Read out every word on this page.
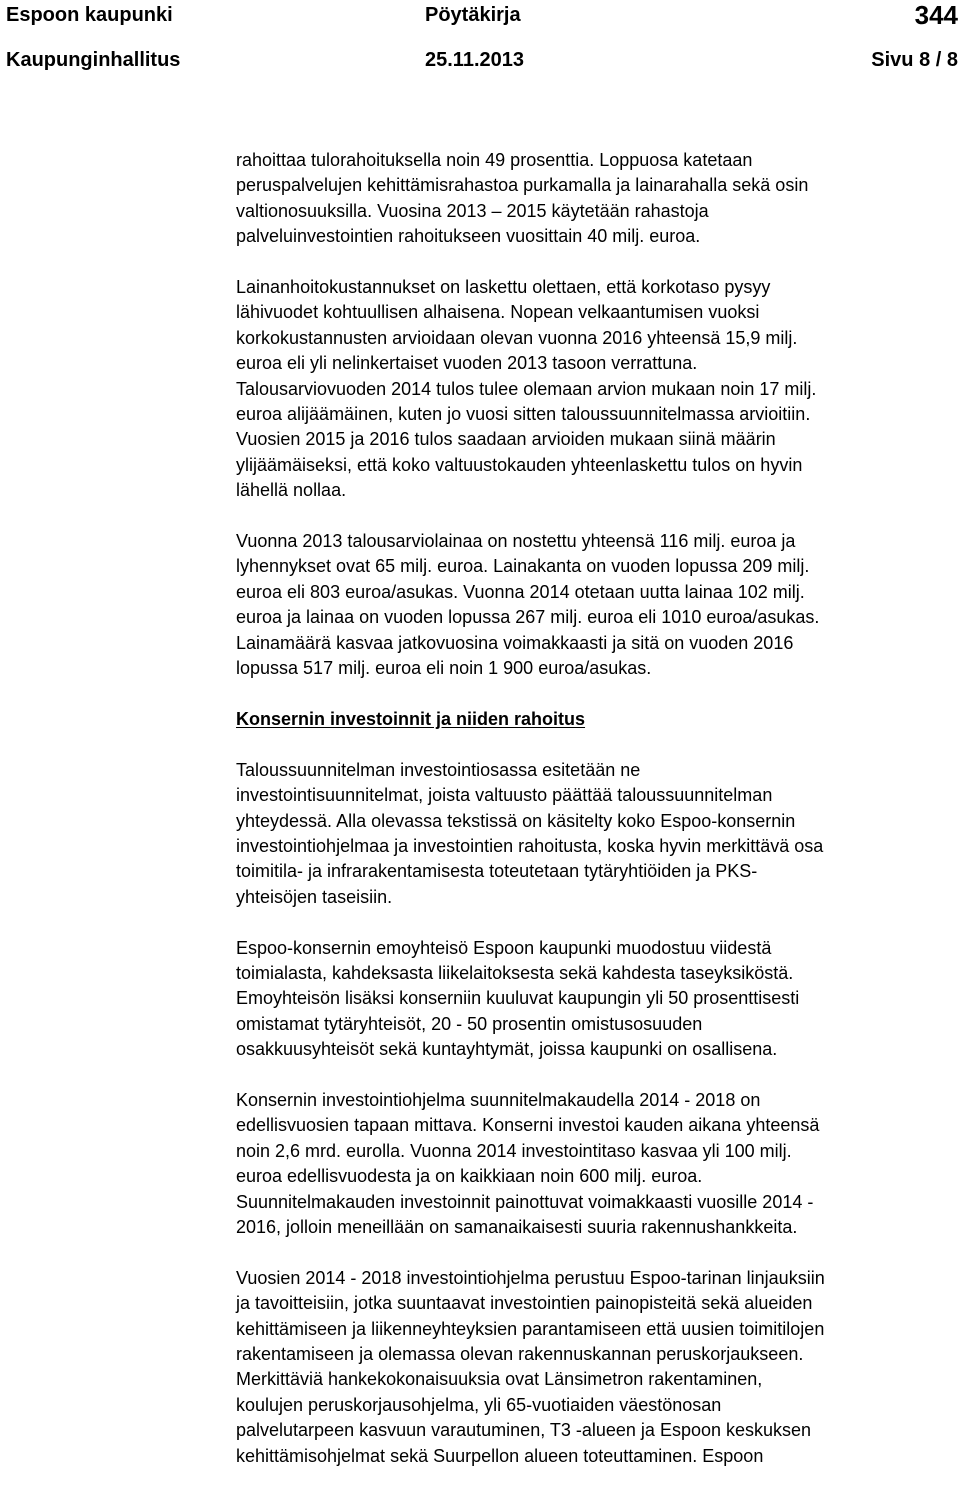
Espoon kaupunki	Pöytäkirja	344
Kaupunginhallitus	25.11.2013	Sivu 8 / 8

rahoittaa tulorahoituksella noin 49 prosenttia. Loppuosa katetaan
peruspalvelujen kehittämisrahastoa purkamalla ja lainarahalla sekä osin
valtionosuuksilla. Vuosina 2013 – 2015 käytetään rahastoja
palveluinvestointien rahoitukseen vuosittain 40 milj. euroa.

Lainanhoitokustannukset on laskettu olettaen, että korkotaso pysyy
lähivuodet kohtuullisen alhaisena. Nopean velkaantumisen vuoksi
korkokustannusten arvioidaan olevan vuonna 2016 yhteensä 15,9 milj.
euroa eli yli nelinkertaiset vuoden 2013 tasoon verrattuna.
Talousarviovuoden 2014 tulos tulee olemaan arvion mukaan noin 17 milj.
euroa alijäämäinen, kuten jo vuosi sitten taloussuunnitelmassa arvioitiin.
Vuosien 2015 ja 2016 tulos saadaan arvioiden mukaan siinä määrin
ylijäämäiseksi, että koko valtuustokauden yhteenlaskettu tulos on hyvin
lähellä nollaa.

Vuonna 2013 talousarviolainaa on nostettu yhteensä 116 milj. euroa ja
lyhennykset ovat 65 milj. euroa. Lainakanta on vuoden lopussa 209 milj.
euroa eli 803 euroa/asukas. Vuonna 2014 otetaan uutta lainaa 102 milj.
euroa ja lainaa on vuoden lopussa 267 milj. euroa eli 1010 euroa/asukas.
Lainamäärä kasvaa jatkovuosina voimakkaasti ja sitä on vuoden 2016
lopussa 517 milj. euroa eli noin 1 900 euroa/asukas.

Konsernin investoinnit ja niiden rahoitus

Taloussuunnitelman investointiosassa esitetään ne
investointisuunnitelmat, joista valtuusto päättää taloussuunnitelman
yhteydessä. Alla olevassa tekstissä on käsitelty koko Espoo-konsernin
investointiohjelmaa ja investointien rahoitusta, koska hyvin merkittävä osa
toimitila- ja infrarakentamisesta toteutetaan tytäryhtiöiden ja PKS-
yhteisöjen taseisiin.

Espoo-konsernin emoyhteisö Espoon kaupunki muodostuu viidestä
toimialasta, kahdeksasta liikelaitoksesta sekä kahdesta taseyksiköstä.
Emoyhteisön lisäksi konserniin kuuluvat kaupungin yli 50 prosenttisesti
omistamat tytäryhteisöt, 20 - 50 prosentin omistusosuuden
osakkuusyhteisöt sekä kuntayhtymät, joissa kaupunki on osallisena.

Konsernin investointiohjelma suunnitelmakaudella 2014 - 2018 on
edellisvuosien tapaan mittava. Konserni investoi kauden aikana yhteensä
noin 2,6 mrd. eurolla. Vuonna 2014 investointitaso kasvaa yli 100 milj.
euroa edellisvuodesta ja on kaikkiaan noin 600 milj. euroa.
Suunnitelmakauden investoinnit painottuvat voimakkaasti vuosille 2014 -
2016, jolloin meneillään on samanaikaisesti suuria rakennushankkeita.

Vuosien 2014 - 2018 investointiohjelma perustuu Espoo-tarinan linjauksiin
ja tavoitteisiin, jotka suuntaavat investointien painopisteitä sekä alueiden
kehittämiseen ja liikenneyhteyksien parantamiseen että uusien toimitilojen
rakentamiseen ja olemassa olevan rakennuskannan peruskorjaukseen.
Merkittäviä hankekokonaisuuksia ovat Länsimetron rakentaminen,
koulujen peruskorjausohjelma, yli 65-vuotiaiden väestönosan
palvelutarpeen kasvuun varautuminen, T3 -alueen ja Espoon keskuksen
kehittämisohjelmat sekä Suurpellon alueen toteuttaminen. Espoon
